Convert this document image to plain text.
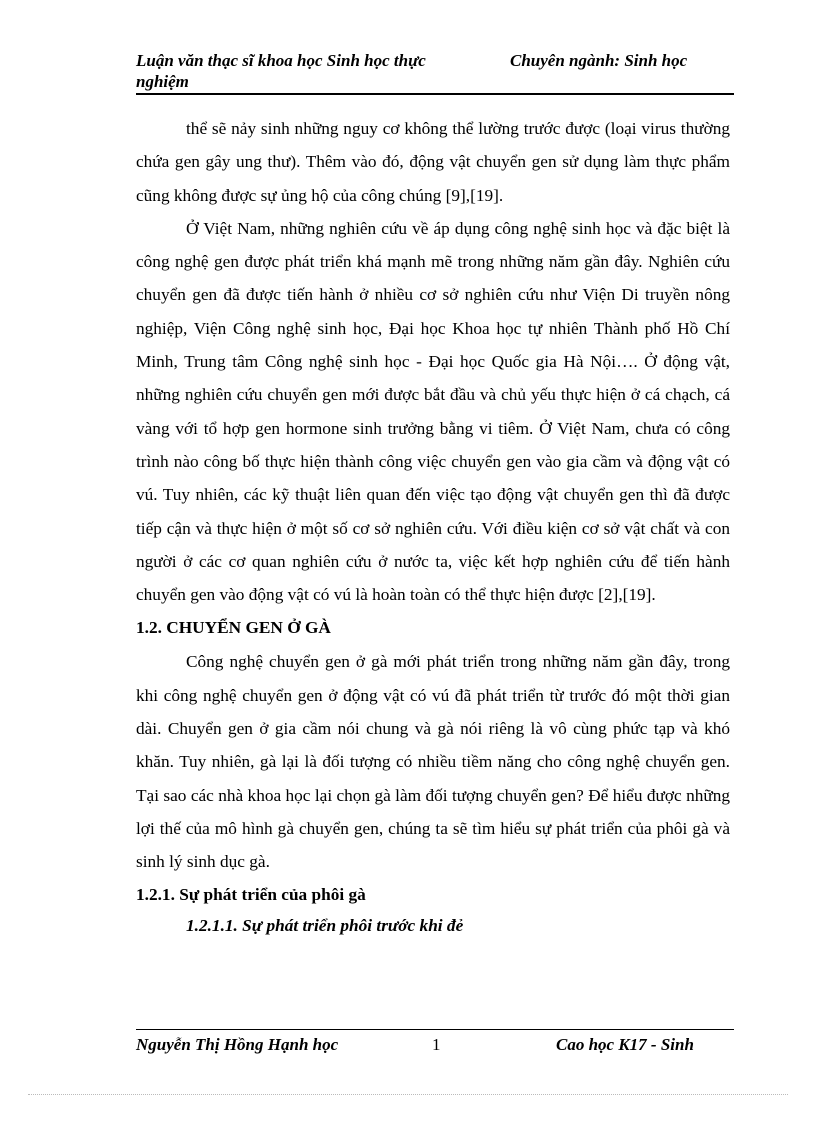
Luận văn thạc sĩ khoa học Sinh học thực nghiệm
Chuyên ngành: Sinh học

thể sẽ nảy sinh những nguy cơ không thể lường trước được (loại virus thường chứa gen gây ung thư). Thêm vào đó, động vật chuyển gen sử dụng làm thực phẩm cũng không được sự ủng hộ của công chúng [9],[19].

Ở Việt Nam, những nghiên cứu về áp dụng công nghệ sinh học và đặc biệt là công nghệ gen được phát triển khá mạnh mẽ trong những năm gần đây. Nghiên cứu chuyển gen đã được tiến hành ở nhiều cơ sở nghiên cứu như Viện Di truyền nông nghiệp, Viện Công nghệ sinh học, Đại học Khoa học tự nhiên Thành phố Hồ Chí Minh, Trung tâm Công nghệ sinh học - Đại học Quốc gia Hà Nội…. Ở động vật, những nghiên cứu chuyển gen mới được bắt đầu và chủ yếu thực hiện ở cá chạch, cá vàng với tổ hợp gen hormone sinh trưởng bằng vi tiêm. Ở Việt Nam, chưa có công trình nào công bố thực hiện thành công việc chuyển gen vào gia cầm và động vật có vú. Tuy nhiên, các kỹ thuật liên quan đến việc tạo động vật chuyển gen thì đã được tiếp cận và thực hiện ở một số cơ sở nghiên cứu. Với điều kiện cơ sở vật chất và con người ở các cơ quan nghiên cứu ở nước ta, việc kết hợp nghiên cứu để tiến hành chuyển gen vào động vật có vú là hoàn toàn có thể thực hiện được [2],[19].

1.2. CHUYỂN GEN Ở GÀ

Công nghệ chuyển gen ở gà mới phát triển trong những năm gần đây, trong khi công nghệ chuyển gen ở động vật có vú đã phát triển từ trước đó một thời gian dài. Chuyển gen ở gia cầm nói chung và gà nói riêng là vô cùng phức tạp và khó khăn. Tuy nhiên, gà lại là đối tượng có nhiều tiềm năng cho công nghệ chuyển gen. Tại sao các nhà khoa học lại chọn gà làm đối tượng chuyển gen? Để hiểu được những lợi thế của mô hình gà chuyển gen, chúng ta sẽ tìm hiểu sự phát triển của phôi gà và sinh lý sinh dục gà.

1.2.1. Sự phát triển của phôi gà
1.2.1.1. Sự phát triển phôi trước khi đẻ
Nguyễn Thị Hồng Hạnh học	1	Cao học K17 - Sinh
